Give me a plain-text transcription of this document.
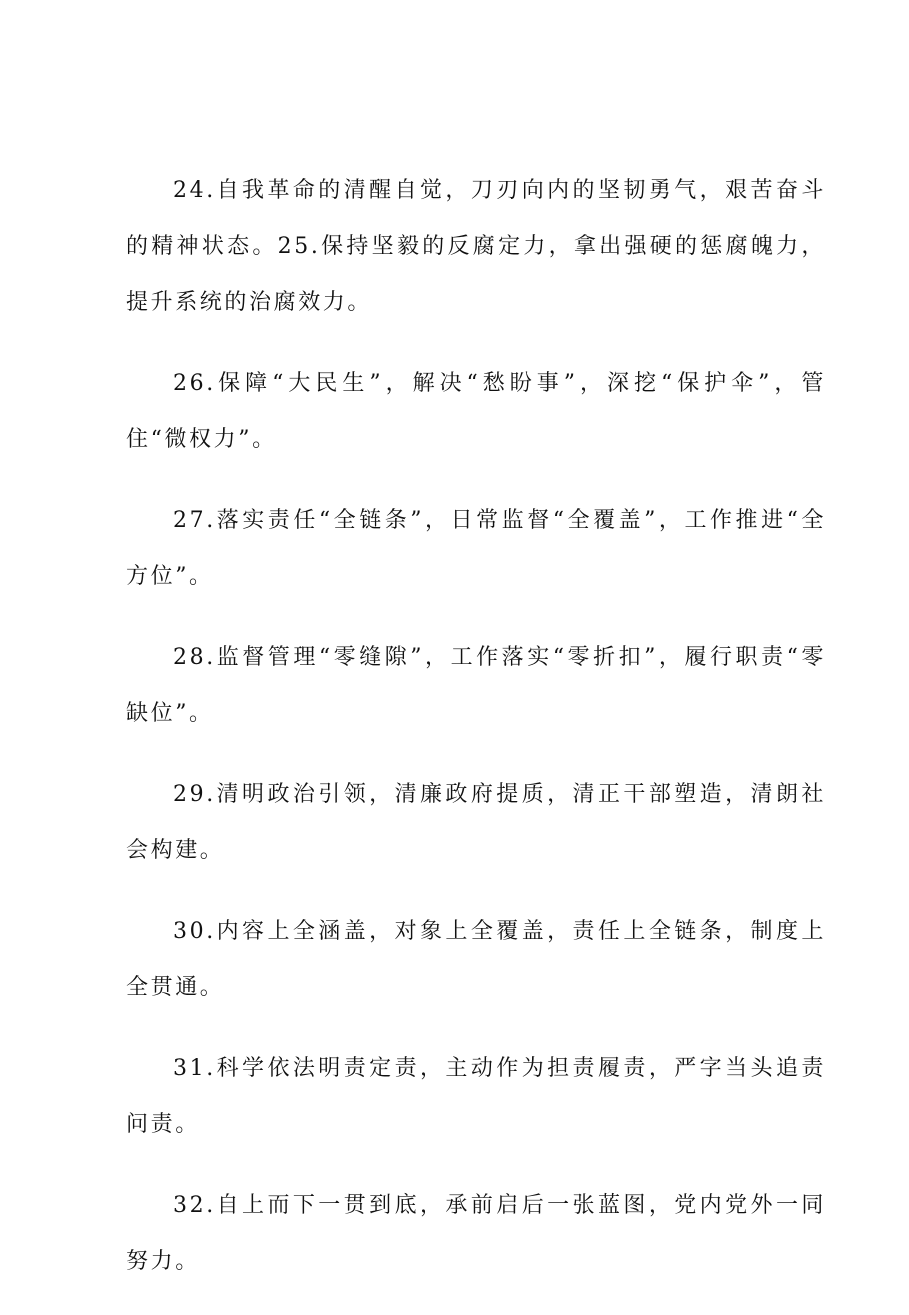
24.自我革命的清醒自觉，刀刃向内的坚韧勇气，艰苦奋斗的精神状态。25.保持坚毅的反腐定力，拿出强硬的惩腐魄力，提升系统的治腐效力。

26.保障“大民生”，解决“愁盼事”，深挖“保护伞”，管住“微权力”。

27.落实责任“全链条”，日常监督“全覆盖”，工作推进“全方位”。

28.监督管理“零缝隙”，工作落实“零折扣”，履行职责“零缺位”。

29.清明政治引领，清廉政府提质，清正干部塑造，清朗社会构建。

30.内容上全涵盖，对象上全覆盖，责任上全链条，制度上全贯通。

31.科学依法明责定责，主动作为担责履责，严字当头追责问责。

32.自上而下一贯到底，承前启后一张蓝图，党内党外一同努力。
